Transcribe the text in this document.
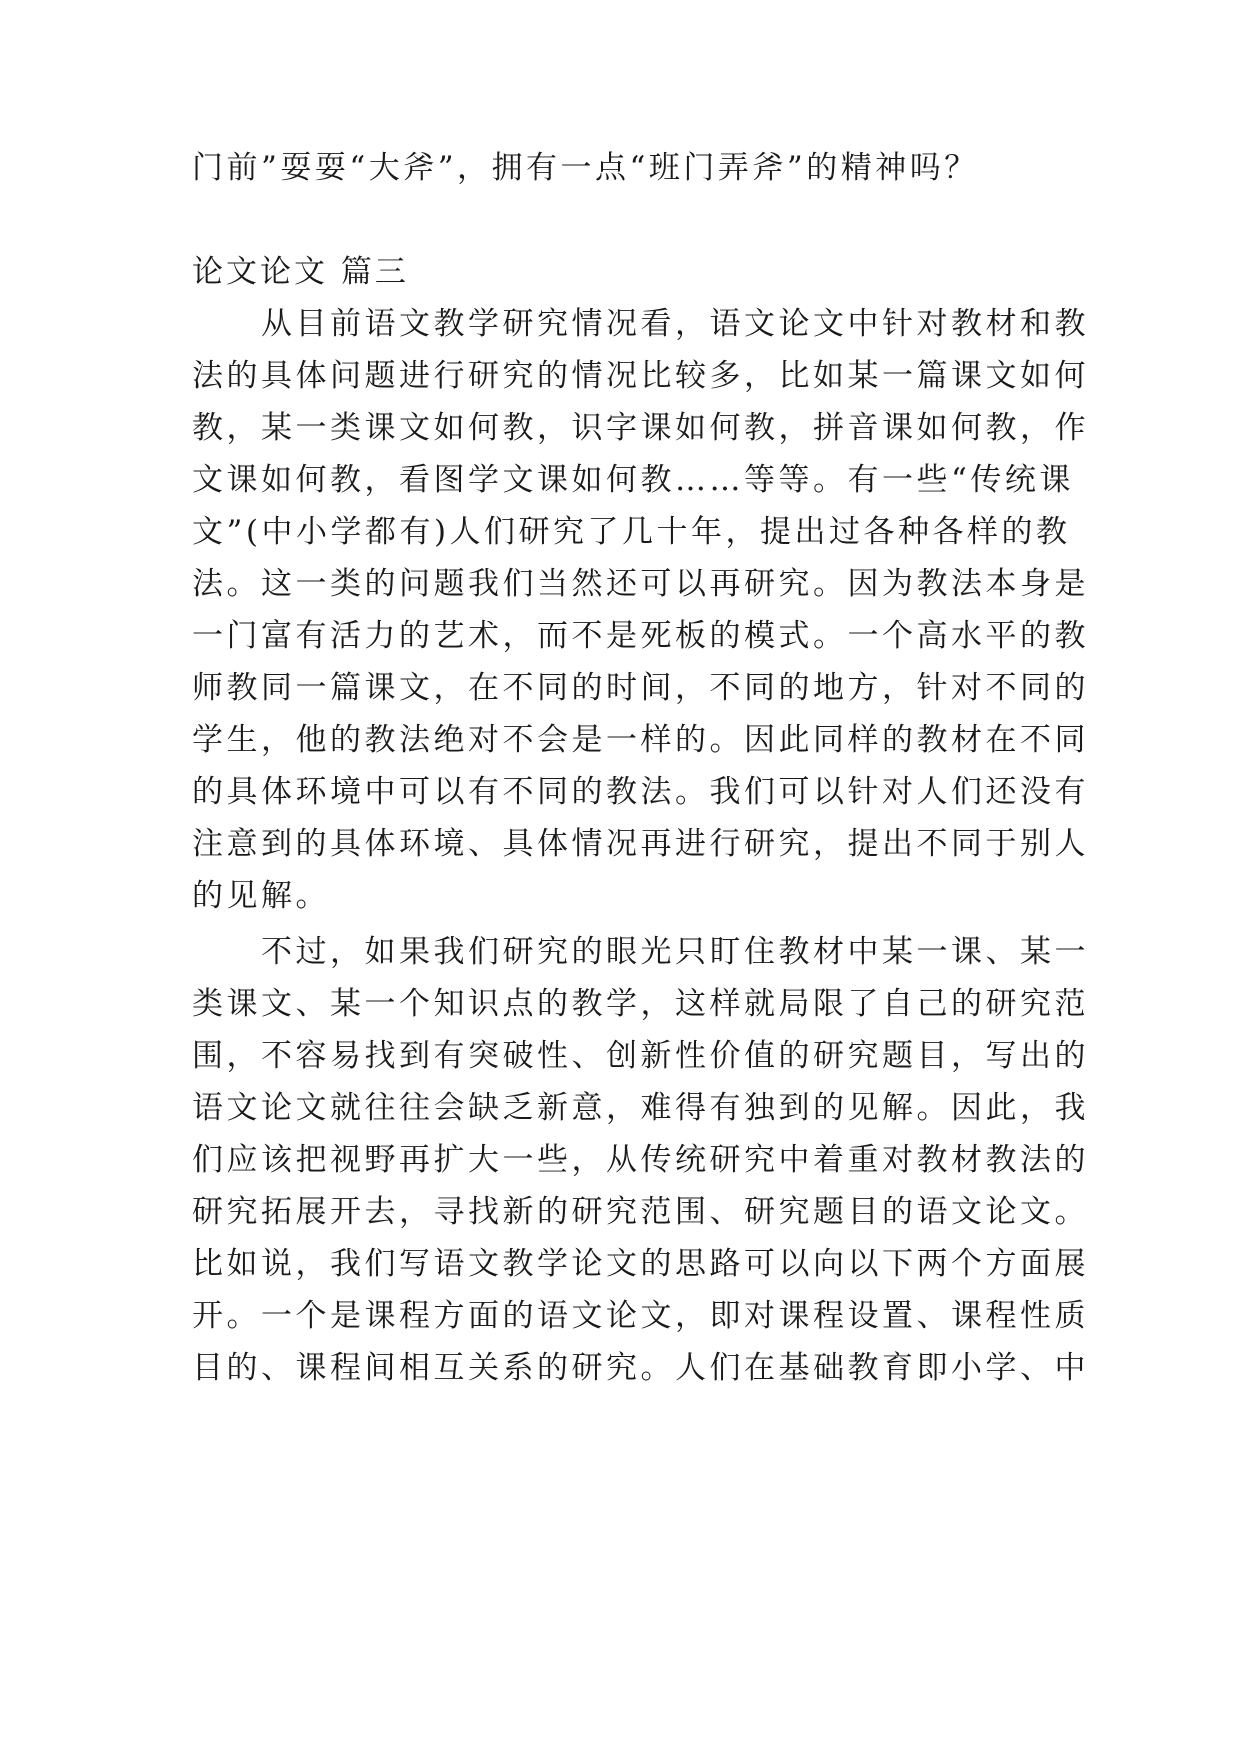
门前”耍耍“大斧”，拥有一点“班门弄斧”的精神吗？
论文论文 篇三
　　从目前语文教学研究情况看，语文论文中针对教材和教
法的具体问题进行研究的情况比较多，比如某一篇课文如何
教，某一类课文如何教，识字课如何教，拼音课如何教，作
文课如何教，看图学文课如何教……等等。有一些“传统课
文”(中小学都有)人们研究了几十年，提出过各种各样的教
法。这一类的问题我们当然还可以再研究。因为教法本身是
一门富有活力的艺术，而不是死板的模式。一个高水平的教
师教同一篇课文，在不同的时间，不同的地方，针对不同的
学生，他的教法绝对不会是一样的。因此同样的教材在不同
的具体环境中可以有不同的教法。我们可以针对人们还没有
注意到的具体环境、具体情况再进行研究，提出不同于别人
的见解。
　　不过，如果我们研究的眼光只盯住教材中某一课、某一
类课文、某一个知识点的教学，这样就局限了自己的研究范
围，不容易找到有突破性、创新性价值的研究题目，写出的
语文论文就往往会缺乏新意，难得有独到的见解。因此，我
们应该把视野再扩大一些，从传统研究中着重对教材教法的
研究拓展开去，寻找新的研究范围、研究题目的语文论文。
比如说，我们写语文教学论文的思路可以向以下两个方面展
开。一个是课程方面的语文论文，即对课程设置、课程性质
目的、课程间相互关系的研究。人们在基础教育即小学、中
